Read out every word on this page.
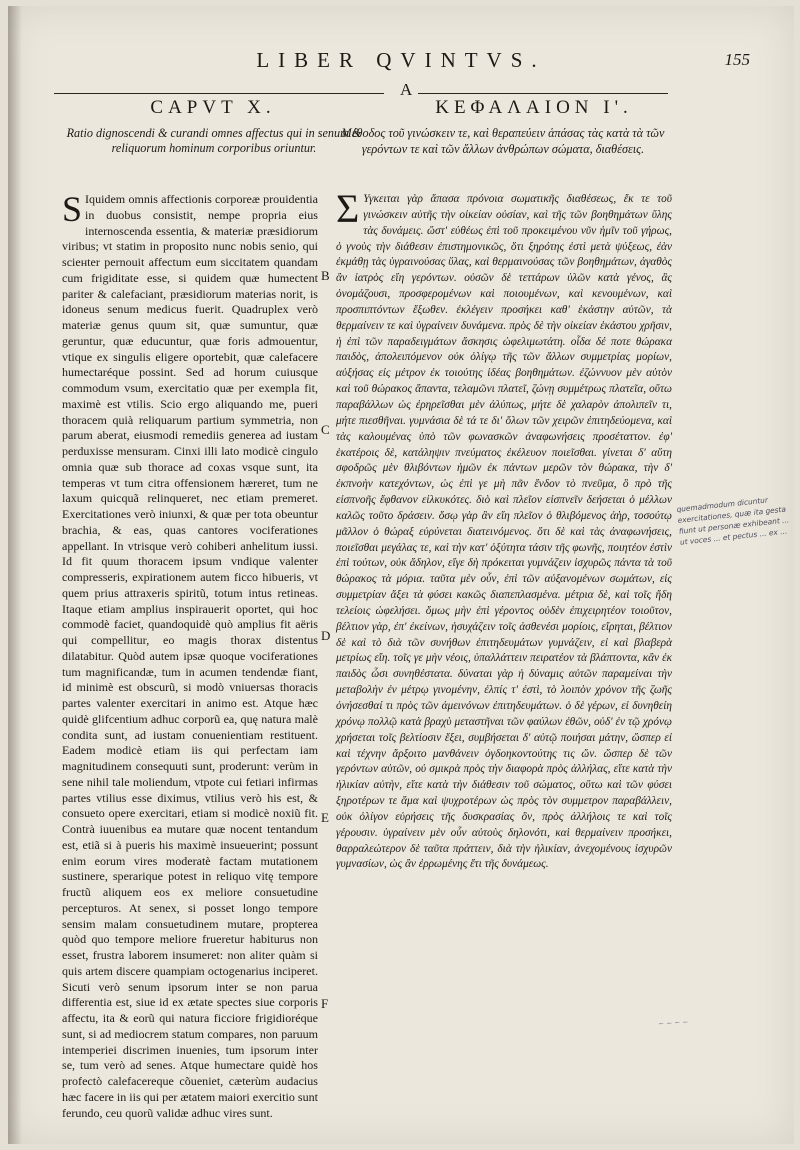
LIBER QVINTVS.	155
A
CAPVT X.	ΚΕΦΑΛΑΙΟΝ Ι'.
Ratio dignoscendi & curandi omnes affectus qui in senum & reliquorum hominum corporibus oriuntur.
Μέθοδος τοῦ γινώσκειν τε, καὶ θεραπεύειν ἁπάσας τὰς κατὰ τὰ τῶν γερόντων τε καὶ τῶν ἄλλων ἀνθρώπων σώματα, διαθέσεις.
S Iquidem omnis affectionis corporeæ prouidentia in duobus consistit, nempe propria eius internoscenda essentia, & materiæ præsidiorum viribus; vt statim in proposito nunc nobis senio, qui sciенter pernouit affectum eum siccitatem quandam cum frigiditate esse, si quidem quæ humectent pariter & calefaciant, præsidiorum materias norit, is idoneus senum medicus fuerit. Quadruplex verò materiæ genus quum sit, quæ sumuntur, quæ geruntur, quæ educuntur, quæ foris admouentur, vtique ex singulis eligere oportebit, quæ calefacere humectaréque possint. Sed ad horum cuiusque commodum vsum, exercitatio quæ per exempla fit, maximè est vtilis. Scio ergo aliquando me, pueri thoracem quià reliquarum partium symmetria, non parum aberat, eiusmodi remediis generea ad iustam perduxisse mensuram. Cinxi illi lato modicè cingulo omnia quæ sub thorace ad coxas vsque sunt, ita temperas vt tum citra offensionem hæreret, tum ne laxum quicquã relinqueret, nec etiam premeret. Exercitationes verò iniunxi, & quæ per tota obeuntur brachia, & eas, quas cantores vociferationes appellant. In vtrisque verò cohiberi anhelitum iussi. Id fit quum thoracem ipsum vndique valenter compresseris, expirationem autem ficco hibueris, vt quem prius attraxeris spiritũ, totum intus retineas. Itaque etiam amplius inspirauerit oportet, qui hoc commodè faciet, quandoquidè quò amplius fit aëris qui compellitur, eo magis thorax distentus dilatabitur. Quòd autem ipsæ quoque vociferationes tum magnificandæ, tum in acumen tendendæ fiant, id minimè est obscurũ, si modò vniuersas thoracis partes valenter exercitari in animo est. Atque hæc quidè glifcentium adhuc corporũ ea, quę natura malè condita sunt, ad iustam conuenientiam restituent. Eadem modicè etiam iis qui perfectam iam magnitudinem consequuti sunt, proderunt: verùm in sene nihil tale moliendum, vtpote cui fetiari infirmas partes vtilius esse diximus, vtilius verò his est, & consueto opere exercitari, etiam si modicè noxiũ fit. Contrà iuuenibus ea mutare quæ nocent tentandum est, etiã si à pueris his maximè insueuerint; possunt enim eorum vires moderatè factam mutationem sustinere, sperarique potest in reliquo vitę tempore fructũ aliquem eos ex meliore consuetudine percepturos. At senex, si posset longo tempore sensim malam consuetudinem mutare, propterea quòd quo tempore meliore frueretur habiturus non esset, frustra laborem insumeret: non aliter quàm si quis artem discere quampiam octogenarius inciperet. Sicuti verò senum ipsorum inter se non parua differentia est, siue id ex ætate spectes siue corporis affectu, ita & eorũ qui natura ficciore frigidioréque sunt, si ad mediocrem statum compares, non paruum intemperiei discrimen inuenies, tum ipsorum inter se, tum verò ad senes. Atque humectare quidè hos profectò calefacereque cõueniet, cæterùm audacius hæc facere in iis qui per ætatem maiori exercitio sunt ferundo, ceu quorũ validæ adhuc vires sunt.
Σ Υγκειται γὰρ ἅπασα πρόνοια σωματικῆς διαθέσεως, ἔκ τε τοῦ γινώσκειν αὐτῆς τὴν οἰκείαν οὐσίαν, καὶ τῆς τῶν βοηθημάτων ὕλης τὰς δυνάμεις. ὥστ' εὐθέως ἐπὶ τοῦ προκειμένου νῦν ἡμῖν τοῦ γήρως, ὁ γνοὺς τὴν διάθεσιν ἐπιστημονικῶς, ὅτι ξηρότης ἐστὶ μετὰ ψύξεως, ἐὰν ἐκμάθῃ τὰς ὑγραινούσας ὕλας, καὶ θερμαινούσας τῶν βοηθημάτων, ἀγαθὸς ἂν ἰατρὸς εἴη γερόντων. οὐσῶν δὲ τεττάρων ὑλῶν κατὰ γένος, ἃς ὀνομάζουσι, προσφερομένων καὶ ποιουμένων, καὶ κενουμένων, καὶ προσπιπτόντων ἔξωθεν. ἐκλέγειν προσήκει καθ' ἑκάστην αὐτῶν, τὰ θερμαίνειν τε καὶ ὑγραίνειν δυνάμενα. πρὸς δὲ τὴν οἰκείαν ἑκάστου χρῆσιν, ἡ ἐπὶ τῶν παραδειγμάτων ἄσκησις ὠφελιμωτάτη. οἶδα δέ ποτε θώρακα παιδὸς, ἀπολειπόμενον οὐκ ὀλίγῳ τῆς τῶν ἄλλων συμμετρίας μορίων, αὐξήσας εἰς μέτρον ἐκ τοιούτης ἰδέας βοηθημάτων. ἐζώννυον μὲν αὐτὸν καὶ τοῦ θώρακος ἅπαντα, τελαμῶνι πλατεῖ, ζώνῃ συμμέτρως πλατεῖα, οὕτω παραβάλλων ὡς ἐρηρεῖσθαι μὲν ἀλύπως, μήτε δὲ χαλαρὸν ἀπολιπεῖν τι, μήτε πιεσθῆναι. γυμνάσια δὲ τά τε δι' ὅλων τῶν χειρῶν ἐπιτηδεύομενα, καὶ τὰς καλουμένας ὑπὸ τῶν φωνασκῶν ἀναφωνήσεις προσέταττον. ἐφ' ἑκατέροις δὲ, κατάληψιν πνεύματος ἐκέλευον ποιεῖσθαι. γίνεται δ' αὕτη σφοδρῶς μὲν θλιβόντων ἡμῶν ἐκ πάντων μερῶν τὸν θώρακα, τὴν δ' ἐκπνοὴν κατεχόντων, ὡς ἐπὶ γε μὴ πᾶν ἔνδον τὸ πνεῦμα, ὃ πρὸ τῆς εἰσπνοῆς ἔφθανον εἱλκυκότες. διὸ καὶ πλεῖον εἰσπνεῖν δεήσεται ὁ μέλλων καλῶς τοῦτο δράσειν. ὅσῳ γὰρ ἂν εἴη πλεῖον ὁ θλιβόμενος ἀὴρ, τοσούτῳ μᾶλλον ὁ θώραξ εὐρύνεται διατεινόμενος. ὅτι δὲ καὶ τὰς ἀναφωνήσεις, ποιεῖσθαι μεγάλας τε, καὶ τὴν κατ' ὀξύτητα τάσιν τῆς φωνῆς, ποιητέον ἐστὶν ἐπὶ τούτων, οὐκ ἄδηλον, εἴγε δὴ πρόκειται γυμνάζειν ἰσχυρῶς πάντα τὰ τοῦ θώρακος τὰ μόρια. ταῦτα μὲν οὖν, ἐπὶ τῶν αὐξανομένων σωμάτων, εἰς συμμετρίαν ἄξει τὰ φύσει κακῶς διαπεπλασμένα. μέτρια δὲ, καὶ τοῖς ἤδη τελείοις ὠφελήσει. ὅμως μὴν ἐπὶ γέροντος οὐδὲν ἐπιχειρητέον τοιοῦτον, βέλτιον γὰρ, ἐπ' ἐκείνων, ἡσυχάζειν τοῖς ἀσθενέσι μορίοις, εἴρηται, βέλτιον δὲ καὶ τὸ διὰ τῶν συνήθων ἐπιτηδευμάτων γυμνάζειν, εἰ καὶ βλαβερὰ μετρίως εἴη. τοῖς γε μὴν νέοις, ὑπαλλάττειν πειρατέον τὰ βλάπτοντα, κἂν ἐκ παιδὸς ὦσι συνηθέστατα. δύναται γὰρ ἡ δύναμις αὐτῶν παραμείναι τὴν μεταβολὴν ἐν μέτρῳ γινομένην, ἐλπίς τ' ἐστὶ, τὸ λοιπὸν χρόνον τῆς ζωῆς ὀνήσεσθαί τι πρὸς τῶν ἀμεινόνων ἐπιτηδευμάτων. ὁ δὲ γέρων, εἰ δυνηθείη χρόνῳ πολλῷ κατὰ βραχὺ μεταστῆναι τῶν φαύλων ἐθῶν, οὐδ' ἐν τῷ χρόνῳ χρήσεται τοῖς βελτίοσιν ἕξει, συμβήσεται δ' αὐτῷ ποιήσαι μάτην, ὥσπερ εἰ καὶ τέχνην ἄρξοιτο μανθάνειν ὀγδοηκοντούτης τις ὤν. ὥσπερ δὲ τῶν γερόντων αὐτῶν, οὐ σμικρὰ πρὸς τὴν διαφορὰ πρὸς ἀλλήλας, εἴτε κατὰ τὴν ἡλικίαν αὐτὴν, εἴτε κατὰ τὴν διάθεσιν τοῦ σώματος, οὕτω καὶ τῶν φύσει ξηροτέρων τε ἅμα καὶ ψυχροτέρων ὡς πρὸς τὸν συμμετρον παραβάλλειν, οὐκ ὀλίγον εὑρήσεις τῆς δυσκρασίας ὂν, πρὸς ἀλλήλοις τε καὶ τοῖς γέρουσιν. ὑγραίνειν μὲν οὖν αὐτοὺς δηλονότι, καὶ θερμαίνειν προσήκει, θαρραλεώτερον δὲ ταῦτα πράττειν, διὰ τὴν ἡλικίαν, ἀνεχομένους ἰσχυρῶν γυμνασίων, ὡς ἂν ἐρρωμένης ἔτι τῆς δυνάμεως.
B
C
D
E
F
quemadmodum dicuntur exercitationes, quæ ita gesta fiunt ut personæ exhibeant ... ut voces ... et pectus ... ex ...
~ ~ ~ ~
